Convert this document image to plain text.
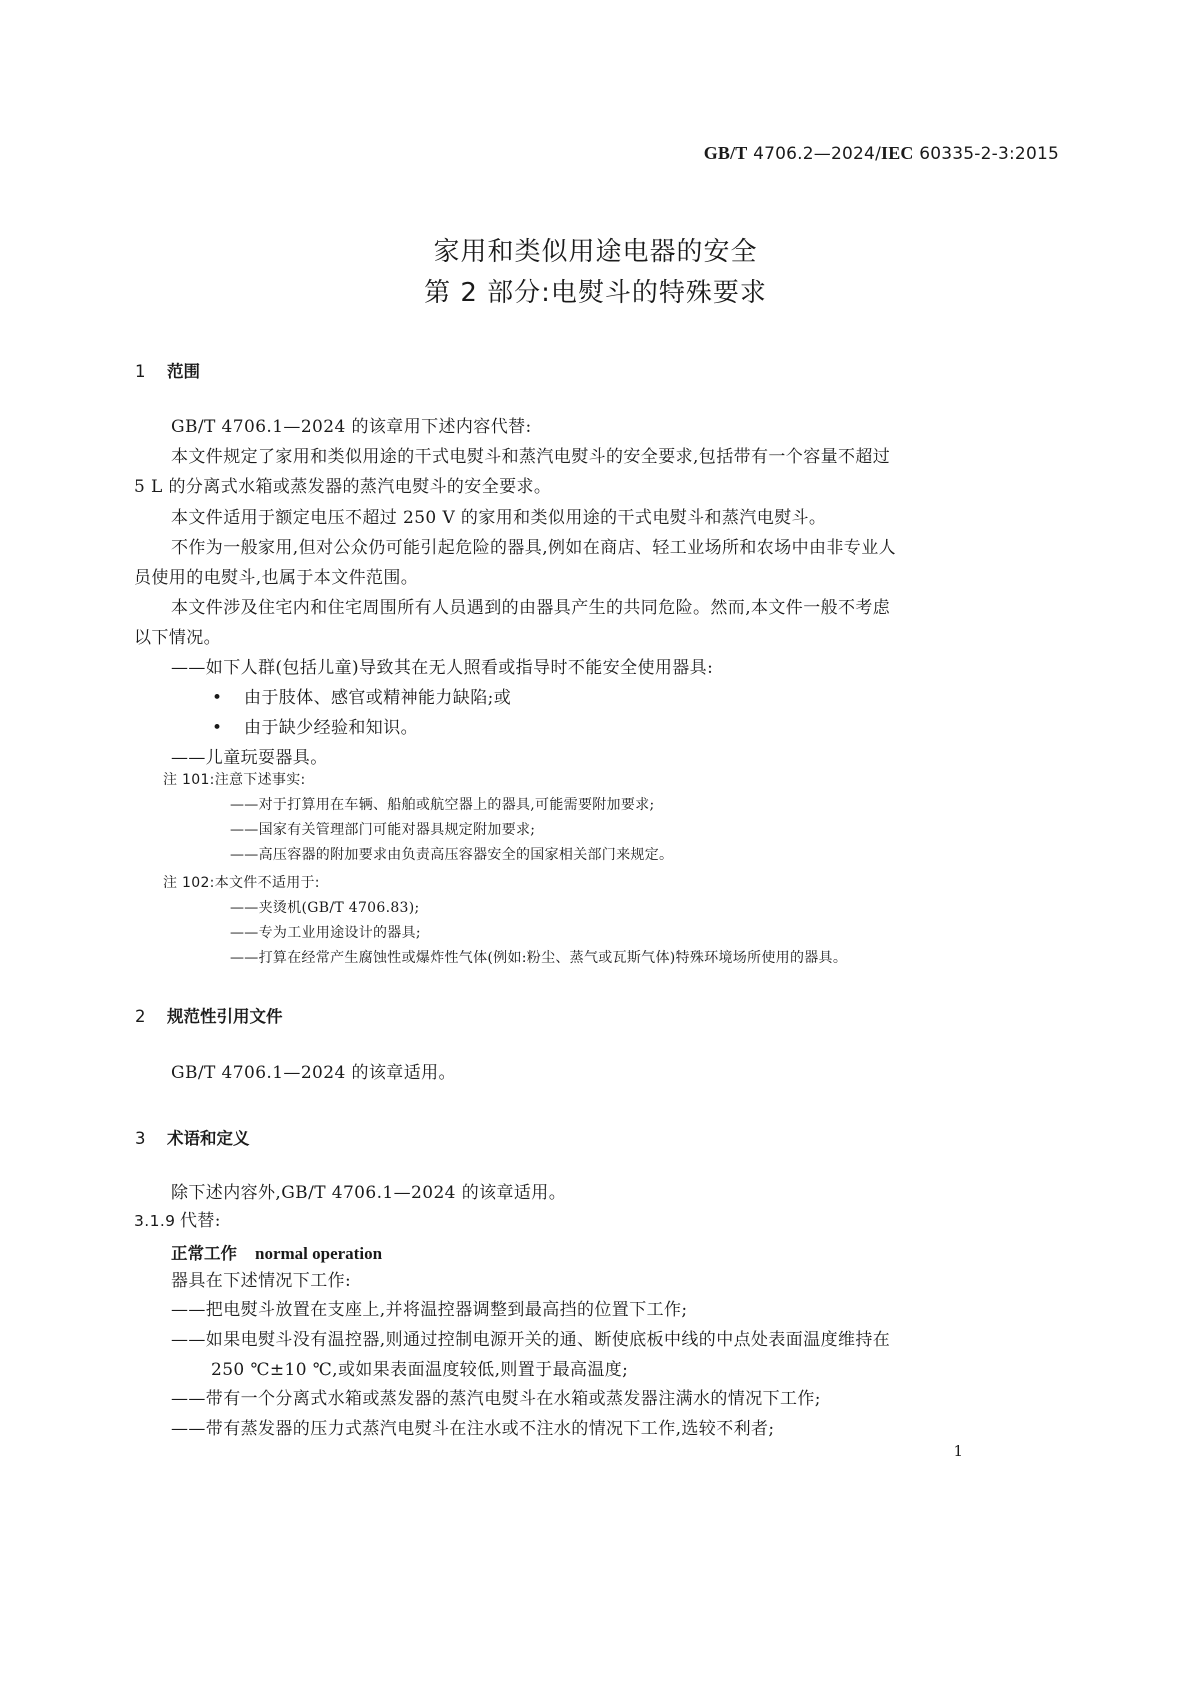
GB/T 4706.2—2024/IEC 60335-2-3:2015
家用和类似用途电器的安全
第 2 部分:电熨斗的特殊要求
1 范围
GB/T 4706.1—2024 的该章用下述内容代替:
本文件规定了家用和类似用途的干式电熨斗和蒸汽电熨斗的安全要求,包括带有一个容量不超过
5 L 的分离式水箱或蒸发器的蒸汽电熨斗的安全要求。
本文件适用于额定电压不超过 250 V 的家用和类似用途的干式电熨斗和蒸汽电熨斗。
不作为一般家用,但对公众仍可能引起危险的器具,例如在商店、轻工业场所和农场中由非专业人
员使用的电熨斗,也属于本文件范围。
本文件涉及住宅内和住宅周围所有人员遇到的由器具产生的共同危险。然而,本文件一般不考虑
以下情况。
——如下人群(包括儿童)导致其在无人照看或指导时不能安全使用器具:
• 由于肢体、感官或精神能力缺陷;或
• 由于缺少经验和知识。
——儿童玩耍器具。
注 101:注意下述事实:
——对于打算用在车辆、船舶或航空器上的器具,可能需要附加要求;
——国家有关管理部门可能对器具规定附加要求;
——高压容器的附加要求由负责高压容器安全的国家相关部门来规定。
注 102:本文件不适用于:
——夹烫机(GB/T 4706.83);
——专为工业用途设计的器具;
——打算在经常产生腐蚀性或爆炸性气体(例如:粉尘、蒸气或瓦斯气体)特殊环境场所使用的器具。
2 规范性引用文件
GB/T 4706.1—2024 的该章适用。
3 术语和定义
除下述内容外,GB/T 4706.1—2024 的该章适用。
3.1.9 代替:
正常工作 normal operation
器具在下述情况下工作:
——把电熨斗放置在支座上,并将温控器调整到最高挡的位置下工作;
——如果电熨斗没有温控器,则通过控制电源开关的通、断使底板中线的中点处表面温度维持在
250 ℃±10 ℃,或如果表面温度较低,则置于最高温度;
——带有一个分离式水箱或蒸发器的蒸汽电熨斗在水箱或蒸发器注满水的情况下工作;
——带有蒸发器的压力式蒸汽电熨斗在注水或不注水的情况下工作,选较不利者;
1
